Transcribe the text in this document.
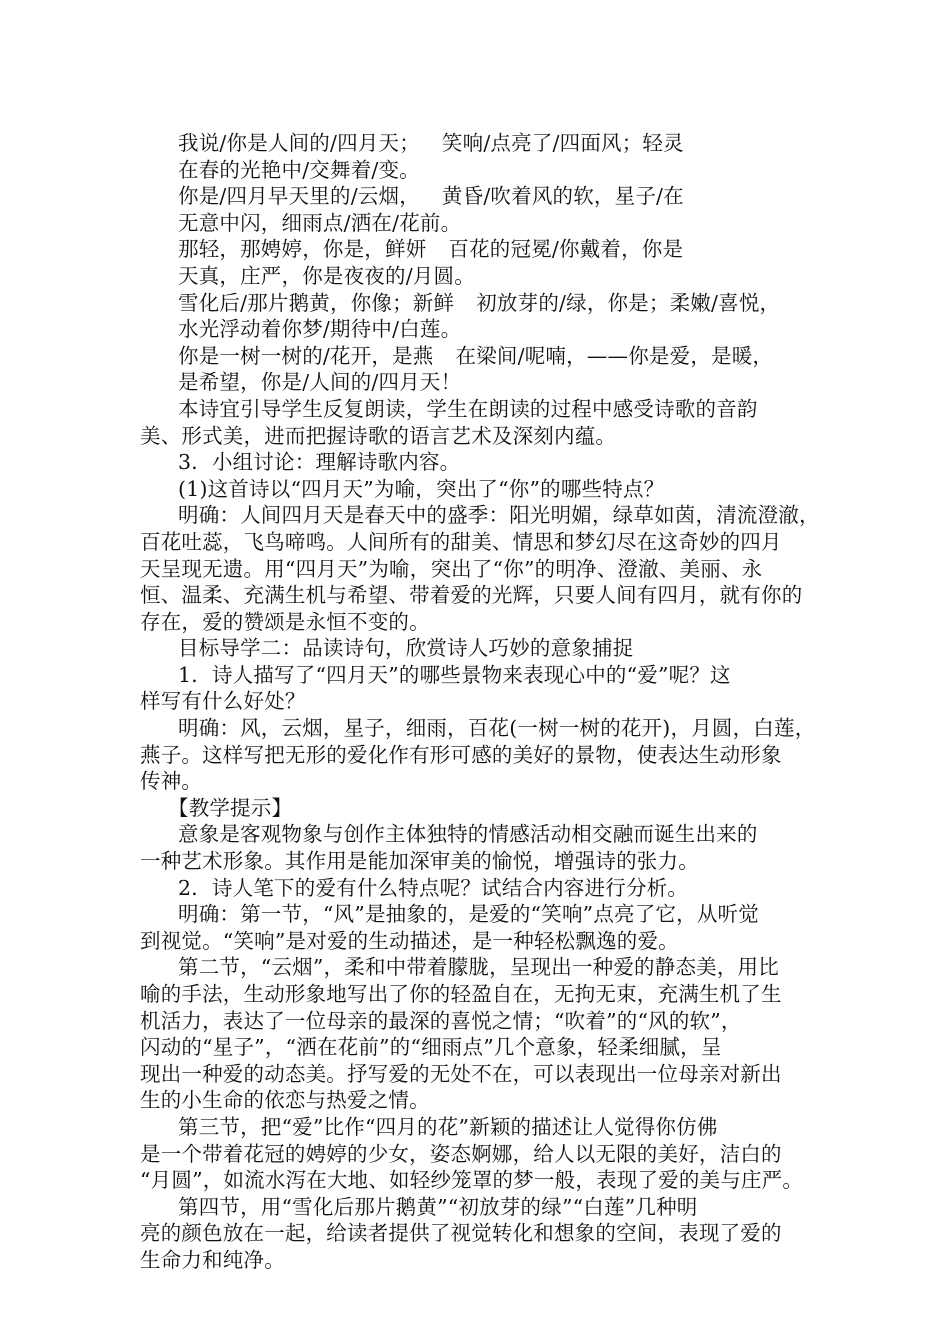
我说/你是人间的/四月天； 笑响/点亮了/四面风；轻灵
在春的光艳中/交舞着/变。
你是/四月早天里的/云烟， 黄昏/吹着风的软，星子/在
无意中闪，细雨点/洒在/花前。
那轻，那娉婷，你是，鲜妍 百花的冠冕/你戴着，你是
天真，庄严，你是夜夜的/月圆。
雪化后/那片鹅黄，你像；新鲜 初放芽的/绿，你是；柔嫩/喜悦，
水光浮动着你梦/期待中/白莲。
你是一树一树的/花开，是燕 在梁间/呢喃，——你是爱，是暖，
是希望，你是/人间的/四月天！
本诗宜引导学生反复朗读，学生在朗读的过程中感受诗歌的音韵
美、形式美，进而把握诗歌的语言艺术及深刻内蕴。
3．小组讨论：理解诗歌内容。
(1)这首诗以“四月天”为喻，突出了“你”的哪些特点？
明确：人间四月天是春天中的盛季：阳光明媚，绿草如茵，清流澄澈，
百花吐蕊，飞鸟啼鸣。人间所有的甜美、情思和梦幻尽在这奇妙的四月
天呈现无遗。用“四月天”为喻，突出了“你”的明净、澄澈、美丽、永
恒、温柔、充满生机与希望、带着爱的光辉，只要人间有四月，就有你的
存在，爱的赞颂是永恒不变的。
目标导学二：品读诗句，欣赏诗人巧妙的意象捕捉
1．诗人描写了“四月天”的哪些景物来表现心中的“爱”呢？这
样写有什么好处？
明确：风，云烟，星子，细雨，百花(一树一树的花开)，月圆，白莲，
燕子。这样写把无形的爱化作有形可感的美好的景物，使表达生动形象
传神。
【教学提示】
意象是客观物象与创作主体独特的情感活动相交融而诞生出来的
一种艺术形象。其作用是能加深审美的愉悦，增强诗的张力。
2．诗人笔下的爱有什么特点呢？试结合内容进行分析。
明确：第一节，“风”是抽象的，是爱的“笑响”点亮了它，从听觉
到视觉。“笑响”是对爱的生动描述，是一种轻松飘逸的爱。
第二节，“云烟”，柔和中带着朦胧，呈现出一种爱的静态美，用比
喻的手法，生动形象地写出了你的轻盈自在，无拘无束，充满生机了生
机活力，表达了一位母亲的最深的喜悦之情；“吹着”的“风的软”，
闪动的“星子”，“洒在花前”的“细雨点”几个意象，轻柔细腻，呈
现出一种爱的动态美。抒写爱的无处不在，可以表现出一位母亲对新出
生的小生命的依恋与热爱之情。
第三节，把“爱”比作“四月的花”新颖的描述让人觉得你仿佛
是一个带着花冠的娉婷的少女，姿态婀娜，给人以无限的美好，洁白的
“月圆”，如流水泻在大地、如轻纱笼罩的梦一般，表现了爱的美与庄严。
第四节，用“雪化后那片鹅黄”“初放芽的绿”“白莲”几种明
亮的颜色放在一起，给读者提供了视觉转化和想象的空间，表现了爱的
生命力和纯净。
